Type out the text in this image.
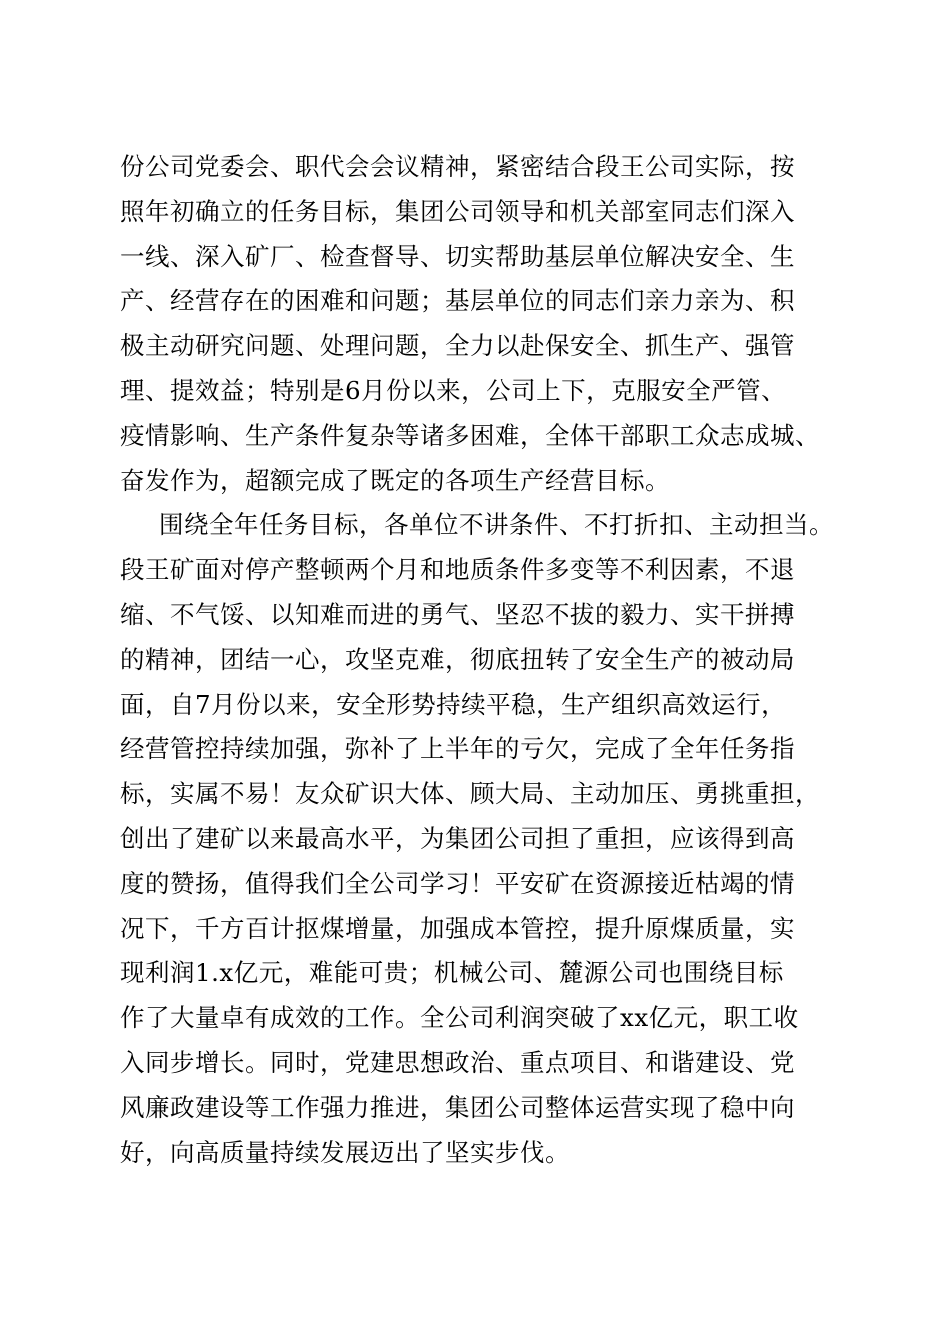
份公司党委会、职代会会议精神，紧密结合段王公司实际，按
照年初确立的任务目标，集团公司领导和机关部室同志们深入
一线、深入矿厂、检查督导、切实帮助基层单位解决安全、生
产、经营存在的困难和问题；基层单位的同志们亲力亲为、积
极主动研究问题、处理问题，全力以赴保安全、抓生产、强管
理、提效益；特别是6月份以来，公司上下，克服安全严管、
疫情影响、生产条件复杂等诸多困难，全体干部职工众志成城、
奋发作为，超额完成了既定的各项生产经营目标。
围绕全年任务目标，各单位不讲条件、不打折扣、主动担当。
段王矿面对停产整顿两个月和地质条件多变等不利因素，不退
缩、不气馁、以知难而进的勇气、坚忍不拔的毅力、实干拼搏
的精神，团结一心，攻坚克难，彻底扭转了安全生产的被动局
面，自7月份以来，安全形势持续平稳，生产组织高效运行，
经营管控持续加强，弥补了上半年的亏欠，完成了全年任务指
标，实属不易！友众矿识大体、顾大局、主动加压、勇挑重担，
创出了建矿以来最高水平，为集团公司担了重担，应该得到高
度的赞扬，值得我们全公司学习！平安矿在资源接近枯竭的情
况下，千方百计抠煤增量，加强成本管控，提升原煤质量，实
现利润1.x亿元，难能可贵；机械公司、麓源公司也围绕目标
作了大量卓有成效的工作。全公司利润突破了xx亿元，职工收
入同步增长。同时，党建思想政治、重点项目、和谐建设、党
风廉政建设等工作强力推进，集团公司整体运营实现了稳中向
好，向高质量持续发展迈出了坚实步伐。
